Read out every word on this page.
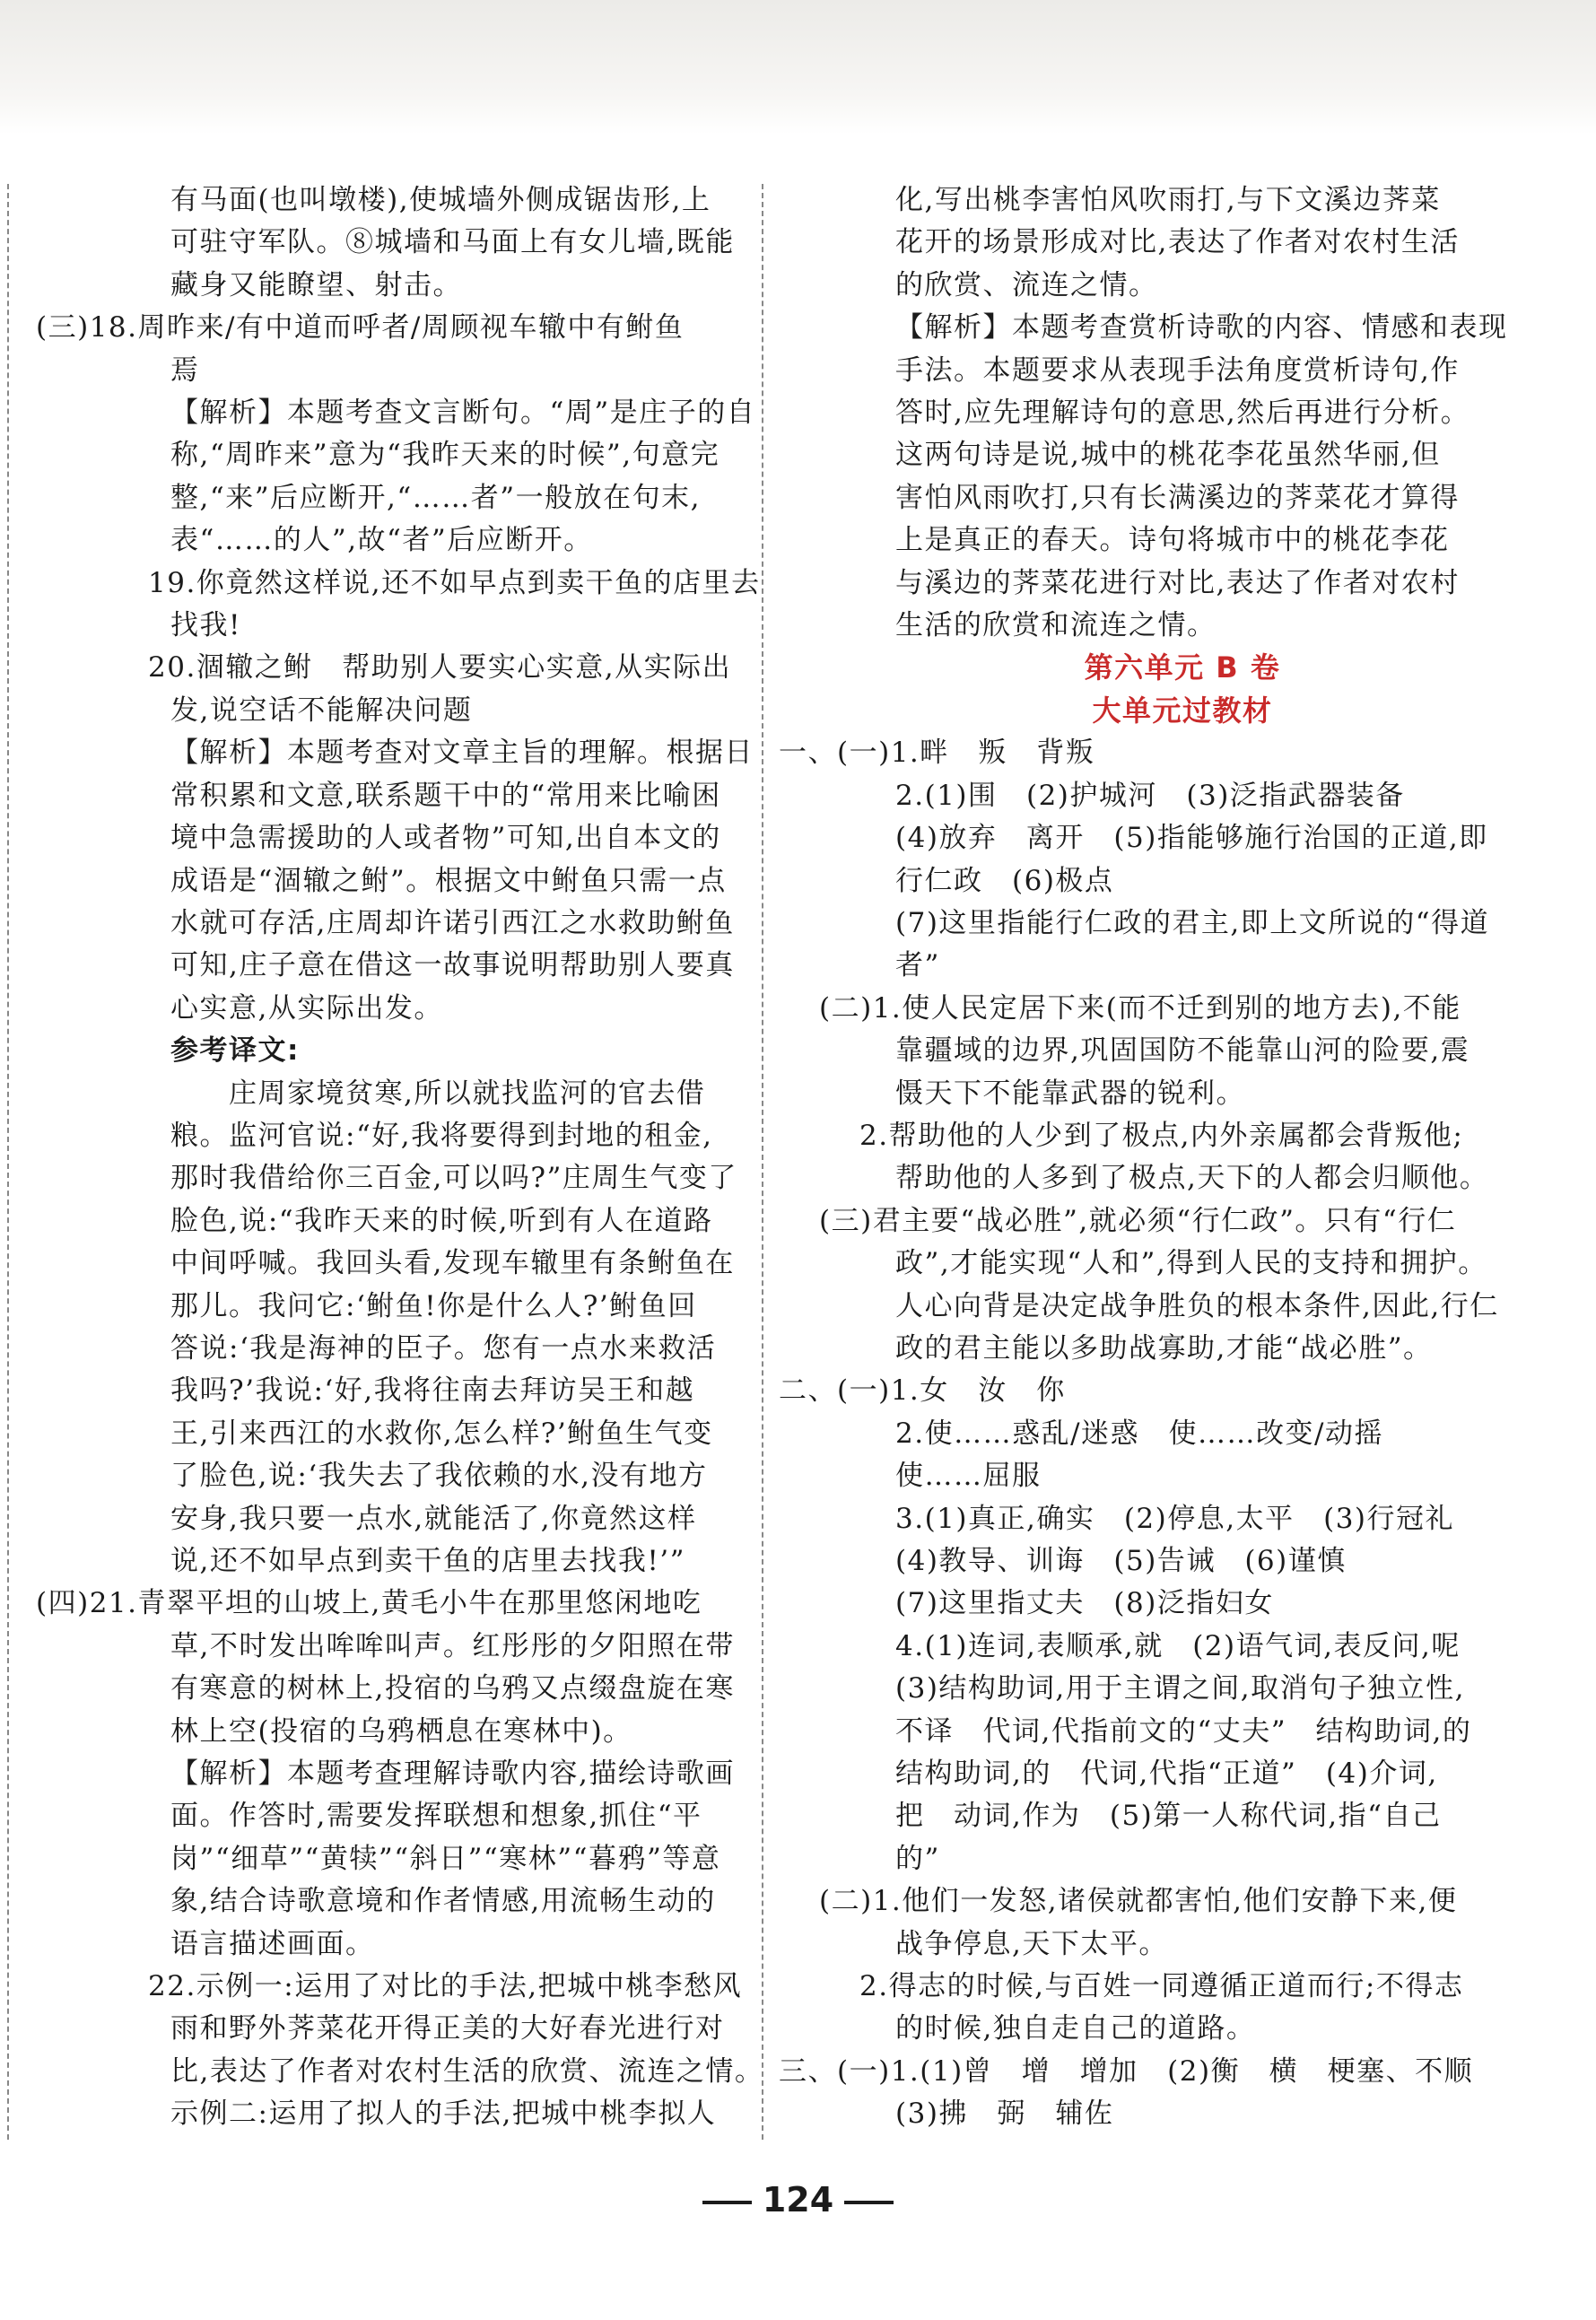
有马面(也叫墩楼),使城墙外侧成锯齿形,上
可驻守军队。⑧城墙和马面上有女儿墙,既能
藏身又能瞭望、射击。
(三)18.周昨来/有中道而呼者/周顾视车辙中有鲋鱼
焉
【解析】本题考查文言断句。“周”是庄子的自
称,“周昨来”意为“我昨天来的时候”,句意完
整,“来”后应断开,“……者”一般放在句末,
表“……的人”,故“者”后应断开。
19.你竟然这样说,还不如早点到卖干鱼的店里去
找我!
20.涸辙之鲋　帮助别人要实心实意,从实际出
发,说空话不能解决问题
【解析】本题考查对文章主旨的理解。根据日
常积累和文意,联系题干中的“常用来比喻困
境中急需援助的人或者物”可知,出自本文的
成语是“涸辙之鲋”。根据文中鲋鱼只需一点
水就可存活,庄周却许诺引西江之水救助鲋鱼
可知,庄子意在借这一故事说明帮助别人要真
心实意,从实际出发。
参考译文:
　　庄周家境贫寒,所以就找监河的官去借
粮。监河官说:“好,我将要得到封地的租金,
那时我借给你三百金,可以吗?”庄周生气变了
脸色,说:“我昨天来的时候,听到有人在道路
中间呼喊。我回头看,发现车辙里有条鲋鱼在
那儿。我问它:‘鲋鱼!你是什么人?’鲋鱼回
答说:‘我是海神的臣子。您有一点水来救活
我吗?’我说:‘好,我将往南去拜访吴王和越
王,引来西江的水救你,怎么样?’鲋鱼生气变
了脸色,说:‘我失去了我依赖的水,没有地方
安身,我只要一点水,就能活了,你竟然这样
说,还不如早点到卖干鱼的店里去找我!’”
(四)21.青翠平坦的山坡上,黄毛小牛在那里悠闲地吃
草,不时发出哞哞叫声。红彤彤的夕阳照在带
有寒意的树林上,投宿的乌鸦又点缀盘旋在寒
林上空(投宿的乌鸦栖息在寒林中)。
【解析】本题考查理解诗歌内容,描绘诗歌画
面。作答时,需要发挥联想和想象,抓住“平
岗”“细草”“黄犊”“斜日”“寒林”“暮鸦”等意
象,结合诗歌意境和作者情感,用流畅生动的
语言描述画面。
22.示例一:运用了对比的手法,把城中桃李愁风
雨和野外荠菜花开得正美的大好春光进行对
比,表达了作者对农村生活的欣赏、流连之情。
示例二:运用了拟人的手法,把城中桃李拟人
化,写出桃李害怕风吹雨打,与下文溪边荠菜
花开的场景形成对比,表达了作者对农村生活
的欣赏、流连之情。
【解析】本题考查赏析诗歌的内容、情感和表现
手法。本题要求从表现手法角度赏析诗句,作
答时,应先理解诗句的意思,然后再进行分析。
这两句诗是说,城中的桃花李花虽然华丽,但
害怕风雨吹打,只有长满溪边的荠菜花才算得
上是真正的春天。诗句将城市中的桃花李花
与溪边的荠菜花进行对比,表达了作者对农村
生活的欣赏和流连之情。
第六单元 B 卷
大单元过教材
一、(一)1.畔　叛　背叛
2.(1)围　(2)护城河　(3)泛指武器装备
(4)放弃　离开　(5)指能够施行治国的正道,即
行仁政　(6)极点
(7)这里指能行仁政的君主,即上文所说的“得道
者”
(二)1.使人民定居下来(而不迁到别的地方去),不能
靠疆域的边界,巩固国防不能靠山河的险要,震
慑天下不能靠武器的锐利。
2.帮助他的人少到了极点,内外亲属都会背叛他;
帮助他的人多到了极点,天下的人都会归顺他。
(三)君主要“战必胜”,就必须“行仁政”。只有“行仁
政”,才能实现“人和”,得到人民的支持和拥护。
人心向背是决定战争胜负的根本条件,因此,行仁
政的君主能以多助战寡助,才能“战必胜”。
二、(一)1.女　汝　你
2.使……惑乱/迷惑　使……改变/动摇
使……屈服
3.(1)真正,确实　(2)停息,太平　(3)行冠礼
(4)教导、训诲　(5)告诫　(6)谨慎
(7)这里指丈夫　(8)泛指妇女
4.(1)连词,表顺承,就　(2)语气词,表反问,呢
(3)结构助词,用于主谓之间,取消句子独立性,
不译　代词,代指前文的“丈夫”　结构助词,的
结构助词,的　代词,代指“正道”　(4)介词,
把　动词,作为　(5)第一人称代词,指“自己
的”
(二)1.他们一发怒,诸侯就都害怕,他们安静下来,便
战争停息,天下太平。
2.得志的时候,与百姓一同遵循正道而行;不得志
的时候,独自走自己的道路。
三、(一)1.(1)曾　增　增加　(2)衡　横　梗塞、不顺
(3)拂　弼　辅佐
124
